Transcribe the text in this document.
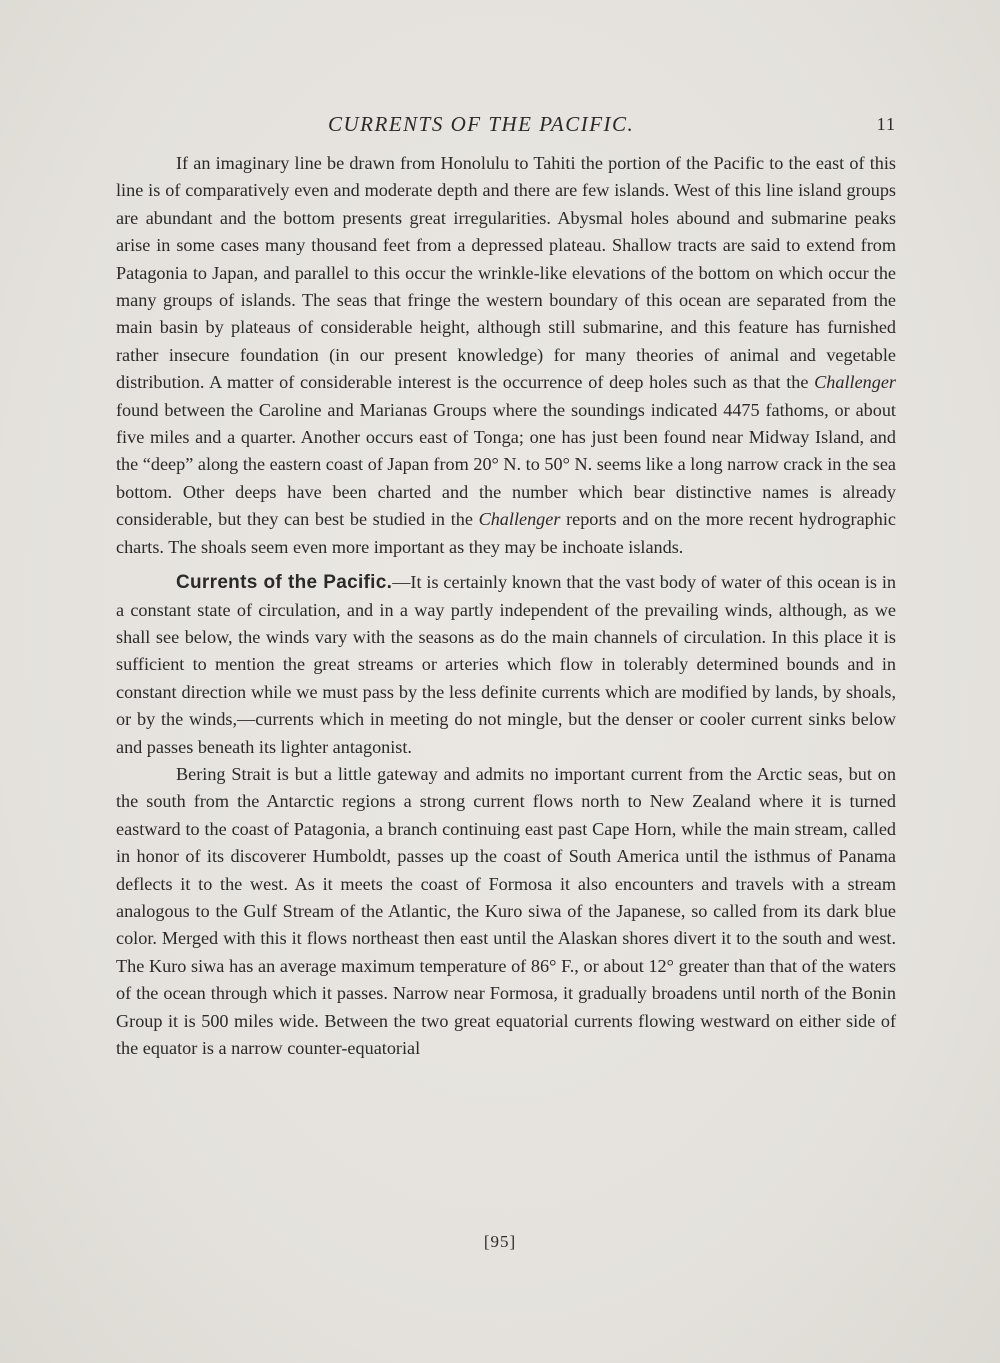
CURRENTS OF THE PACIFIC.	11

If an imaginary line be drawn from Honolulu to Tahiti the portion of the Pacific to the east of this line is of comparatively even and moderate depth and there are few islands. West of this line island groups are abundant and the bottom presents great irregularities. Abysmal holes abound and submarine peaks arise in some cases many thousand feet from a depressed plateau. Shallow tracts are said to extend from Patagonia to Japan, and parallel to this occur the wrinkle-like elevations of the bottom on which occur the many groups of islands. The seas that fringe the western boundary of this ocean are separated from the main basin by plateaus of considerable height, although still submarine, and this feature has furnished rather insecure foundation (in our present knowledge) for many theories of animal and vegetable distribution. A matter of considerable interest is the occurrence of deep holes such as that the Challenger found between the Caroline and Marianas Groups where the soundings indicated 4475 fathoms, or about five miles and a quarter. Another occurs east of Tonga; one has just been found near Midway Island, and the “deep” along the eastern coast of Japan from 20° N. to 50° N. seems like a long narrow crack in the sea bottom. Other deeps have been charted and the number which bear distinctive names is already considerable, but they can best be studied in the Challenger reports and on the more recent hydrographic charts. The shoals seem even more important as they may be inchoate islands.

Currents of the Pacific.—It is certainly known that the vast body of water of this ocean is in a constant state of circulation, and in a way partly independent of the prevailing winds, although, as we shall see below, the winds vary with the seasons as do the main channels of circulation. In this place it is sufficient to mention the great streams or arteries which flow in tolerably determined bounds and in constant direction while we must pass by the less definite currents which are modified by lands, by shoals, or by the winds,—currents which in meeting do not mingle, but the denser or cooler current sinks below and passes beneath its lighter antagonist.

Bering Strait is but a little gateway and admits no important current from the Arctic seas, but on the south from the Antarctic regions a strong current flows north to New Zealand where it is turned eastward to the coast of Patagonia, a branch continuing east past Cape Horn, while the main stream, called in honor of its discoverer Humboldt, passes up the coast of South America until the isthmus of Panama deflects it to the west. As it meets the coast of Formosa it also encounters and travels with a stream analogous to the Gulf Stream of the Atlantic, the Kuro siwa of the Japanese, so called from its dark blue color. Merged with this it flows northeast then east until the Alaskan shores divert it to the south and west. The Kuro siwa has an average maximum temperature of 86° F., or about 12° greater than that of the waters of the ocean through which it passes. Narrow near Formosa, it gradually broadens until north of the Bonin Group it is 500 miles wide. Between the two great equatorial currents flowing westward on either side of the equator is a narrow counter-equatorial

[95]
